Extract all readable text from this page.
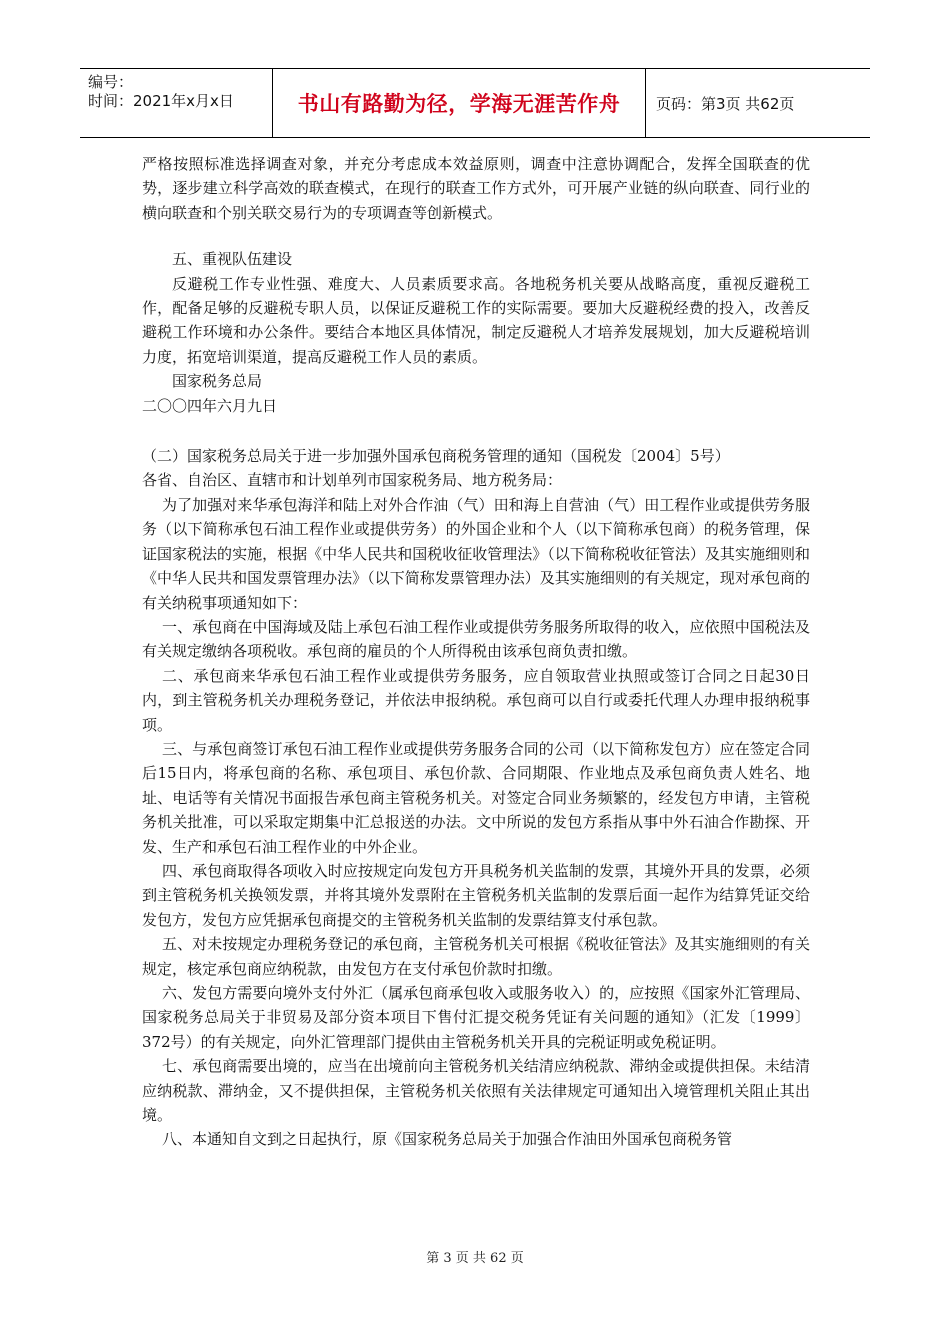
编号：
时间：2021年x月x日	书山有路勤为径，学海无涯苦作舟	页码：第3页 共62页

严格按照标准选择调查对象，并充分考虑成本效益原则，调查中注意协调配合，发挥全国联查的优势，逐步建立科学高效的联查模式，在现行的联查工作方式外，可开展产业链的纵向联查、同行业的横向联查和个别关联交易行为的专项调查等创新模式。

五、重视队伍建设

反避税工作专业性强、难度大、人员素质要求高。各地税务机关要从战略高度，重视反避税工作，配备足够的反避税专职人员，以保证反避税工作的实际需要。要加大反避税经费的投入，改善反避税工作环境和办公条件。要结合本地区具体情况，制定反避税人才培养发展规划，加大反避税培训力度，拓宽培训渠道，提高反避税工作人员的素质。

国家税务总局

二〇〇四年六月九日

（二）国家税务总局关于进一步加强外国承包商税务管理的通知（国税发〔2004〕5号）

各省、自治区、直辖市和计划单列市国家税务局、地方税务局：

为了加强对来华承包海洋和陆上对外合作油（气）田和海上自营油（气）田工程作业或提供劳务服务（以下简称承包石油工程作业或提供劳务）的外国企业和个人（以下简称承包商）的税务管理，保证国家税法的实施，根据《中华人民共和国税收征收管理法》（以下简称税收征管法）及其实施细则和《中华人民共和国发票管理办法》（以下简称发票管理办法）及其实施细则的有关规定，现对承包商的有关纳税事项通知如下：

一、承包商在中国海域及陆上承包石油工程作业或提供劳务服务所取得的收入，应依照中国税法及有关规定缴纳各项税收。承包商的雇员的个人所得税由该承包商负责扣缴。

二、承包商来华承包石油工程作业或提供劳务服务，应自领取营业执照或签订合同之日起30日内，到主管税务机关办理税务登记，并依法申报纳税。承包商可以自行或委托代理人办理申报纳税事项。

三、与承包商签订承包石油工程作业或提供劳务服务合同的公司（以下简称发包方）应在签定合同后15日内，将承包商的名称、承包项目、承包价款、合同期限、作业地点及承包商负责人姓名、地址、电话等有关情况书面报告承包商主管税务机关。对签定合同业务频繁的，经发包方申请，主管税务机关批准，可以采取定期集中汇总报送的办法。文中所说的发包方系指从事中外石油合作勘探、开发、生产和承包石油工程作业的中外企业。

四、承包商取得各项收入时应按规定向发包方开具税务机关监制的发票，其境外开具的发票，必须到主管税务机关换领发票，并将其境外发票附在主管税务机关监制的发票后面一起作为结算凭证交给发包方，发包方应凭据承包商提交的主管税务机关监制的发票结算支付承包款。

五、对未按规定办理税务登记的承包商，主管税务机关可根据《税收征管法》及其实施细则的有关规定，核定承包商应纳税款，由发包方在支付承包价款时扣缴。

六、发包方需要向境外支付外汇（属承包商承包收入或服务收入）的，应按照《国家外汇管理局、国家税务总局关于非贸易及部分资本项目下售付汇提交税务凭证有关问题的通知》（汇发〔1999〕372号）的有关规定，向外汇管理部门提供由主管税务机关开具的完税证明或免税证明。

七、承包商需要出境的，应当在出境前向主管税务机关结清应纳税款、滞纳金或提供担保。未结清应纳税款、滞纳金，又不提供担保，主管税务机关依照有关法律规定可通知出入境管理机关阻止其出境。

八、本通知自文到之日起执行，原《国家税务总局关于加强合作油田外国承包商税务管

第 3 页 共 62 页
